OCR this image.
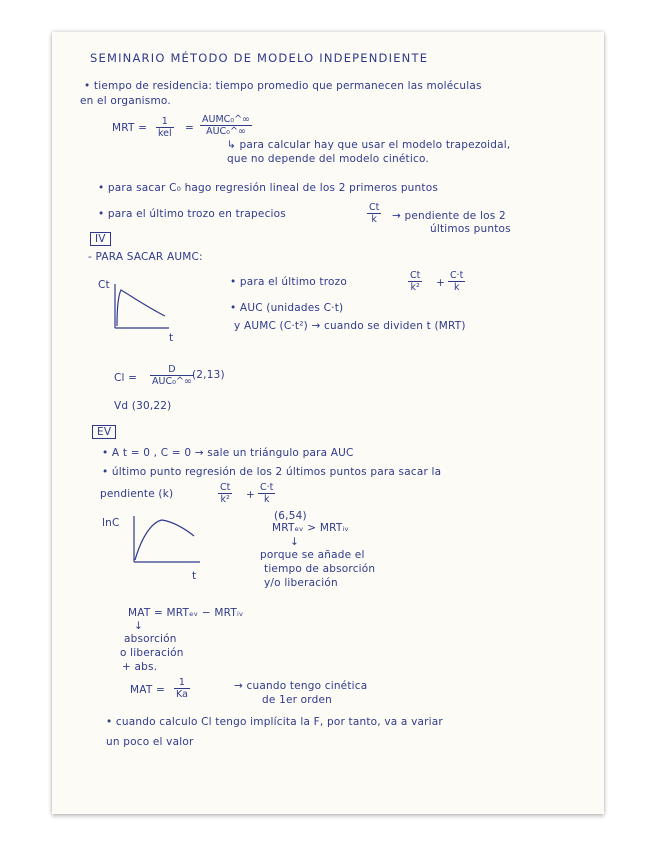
SEMINARIO MÉTODO DE MODELO INDEPENDIENTE
• tiempo de residencia: tiempo promedio que permanecen las moléculas
en el organismo.
MRT =
1
kel =
AUMC₀^∞
AUC₀^∞
↳ para calcular hay que usar el modelo trapezoidal,
que no depende del modelo cinético.
• para sacar C₀ hago regresión lineal de los 2 primeros puntos
• para el último trozo en trapecios	$\frac{Ct}{k}$ → pendiente de los 2
últimos puntos
IV
- PARA SACAR AUMC:
Ct
t
• para el último trozo	$\frac{Ct}{\text{k²}} + \frac{C\cdot t}{k}$
• AUC (unidades C·t)
y AUMC (C·t²) → cuando se dividen t (MRT)
Cl =
D
AUC₀^∞
(2,13)
Vd (30,22)
EV
• A t = 0 , C = 0 → sale un triángulo para AUC
• último punto regresión de los 2 últimos puntos para sacar la
pendiente (k)	$\frac{Ct}{\text{k²}} + \frac{C\cdot t}{k}$
lnC
t
(6,54)
MRTₑᵥ > MRTᵢᵥ
↓
porque se añade el
tiempo de absorción
y/o liberación
MAT = MRTₑᵥ − MRTᵢᵥ
↓
absorción
o liberación
+ abs.
MAT = $\frac{1}{Ka}$	→ cuando tengo cinética
de 1er orden
• cuando calculo Cl tengo implícita la F, por tanto, va a variar
un poco el valor
